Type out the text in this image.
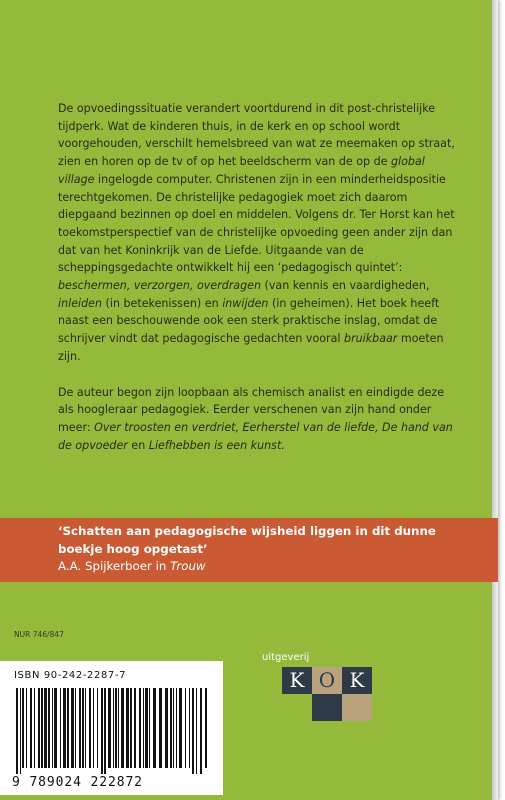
De opvoedingssituatie verandert voortdurend in dit post-christelijke tijdperk. Wat de kinderen thuis, in de kerk en op school wordt voorgehouden, verschilt hemelsbreed van wat ze meemaken op straat, zien en horen op de tv of op het beeldscherm van de op de global village ingelogde computer. Christenen zijn in een minderheidspositie terechtgekomen. De christelijke pedagogiek moet zich daarom diepgaand bezinnen op doel en middelen. Volgens dr. Ter Horst kan het toekomstperspectief van de christelijke opvoeding geen ander zijn dan dat van het Koninkrijk van de Liefde. Uitgaande van de scheppingsgedachte ontwikkelt hij een ‘pedagogisch quintet’: beschermen, verzorgen, overdragen (van kennis en vaardigheden, inleiden (in betekenissen) en inwijden (in geheimen). Het boek heeft naast een beschouwende ook een sterk praktische inslag, omdat de schrijver vindt dat pedagogische gedachten vooral bruikbaar moeten zijn.

De auteur begon zijn loopbaan als chemisch analist en eindigde deze als hoogleraar pedagogiek. Eerder verschenen van zijn hand onder meer: Over troosten en verdriet, Eerherstel van de liefde, De hand van de opvoeder en Liefhebben is een kunst.

‘Schatten aan pedagogische wijsheid liggen in dit dunne boekje hoog opgetast’
A.A. Spijkerboer in Trouw
NUR 746/847
ISBN 90-242-2287-7
9 789024 222872
uitgeverij
K O K
